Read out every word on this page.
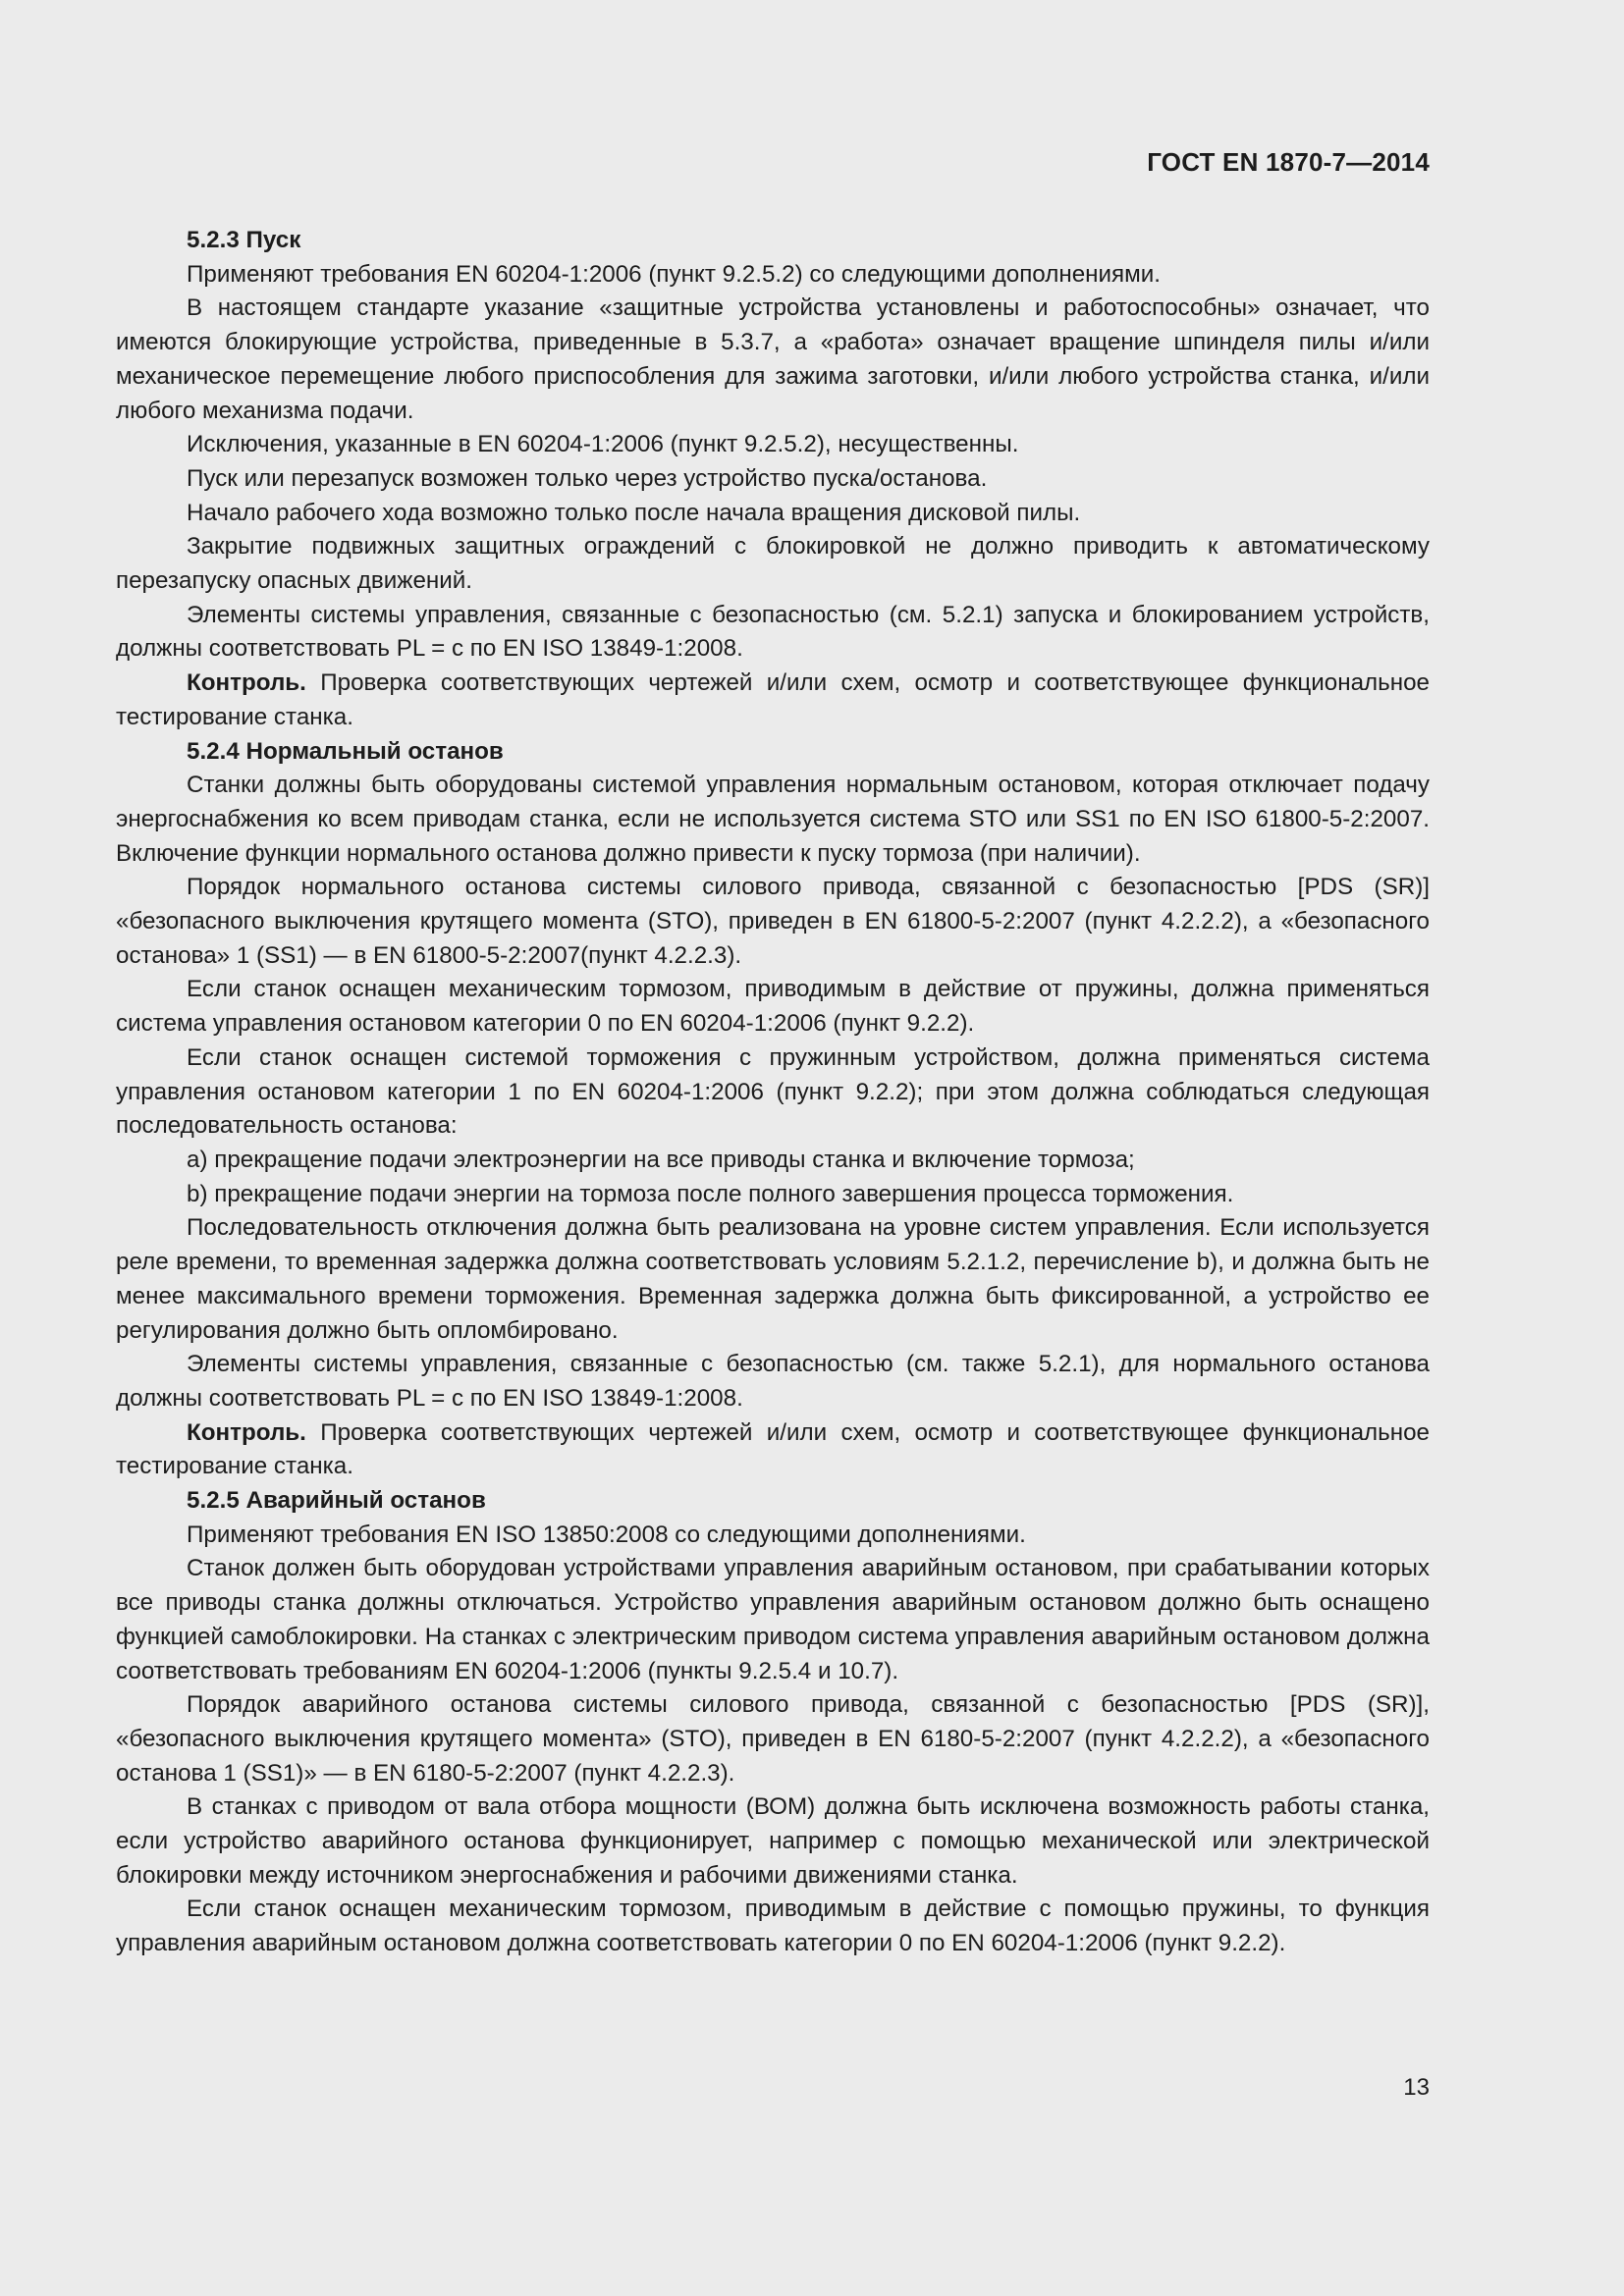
ГОСТ EN 1870-7—2014

5.2.3 Пуск

Применяют требования EN 60204-1:2006 (пункт 9.2.5.2) со следующими дополнениями.

В настоящем стандарте указание «защитные устройства установлены и работоспособны» означает, что имеются блокирующие устройства, приведенные в 5.3.7, а «работа» означает вращение шпинделя пилы и/или механическое перемещение любого приспособления для зажима заготовки, и/или любого устройства станка, и/или любого механизма подачи.

Исключения, указанные в EN 60204-1:2006 (пункт 9.2.5.2), несущественны.

Пуск или перезапуск возможен только через устройство пуска/останова.

Начало рабочего хода возможно только после начала вращения дисковой пилы.

Закрытие подвижных защитных ограждений с блокировкой не должно приводить к автоматическому перезапуску опасных движений.

Элементы системы управления, связанные с безопасностью (см. 5.2.1) запуска и блокированием устройств, должны соответствовать PL = c по EN ISO 13849-1:2008.

Контроль. Проверка соответствующих чертежей и/или схем, осмотр и соответствующее функциональное тестирование станка.

5.2.4 Нормальный останов

Станки должны быть оборудованы системой управления нормальным остановом, которая отключает подачу энергоснабжения ко всем приводам станка, если не используется система STO или SS1 по EN ISO 61800-5-2:2007. Включение функции нормального останова должно привести к пуску тормоза (при наличии).

Порядок нормального останова системы силового привода, связанной с безопасностью [PDS (SR)] «безопасного выключения крутящего момента (STO), приведен в EN 61800-5-2:2007 (пункт 4.2.2.2), а «безопасного останова» 1 (SS1) — в EN 61800-5-2:2007(пункт 4.2.2.3).

Если станок оснащен механическим тормозом, приводимым в действие от пружины, должна применяться система управления остановом категории 0 по EN 60204-1:2006 (пункт 9.2.2).

Если станок оснащен системой торможения с пружинным устройством, должна применяться система управления остановом категории 1 по EN 60204-1:2006 (пункт 9.2.2); при этом должна соблюдаться следующая последовательность останова:

a) прекращение подачи электроэнергии на все приводы станка и включение тормоза;

b) прекращение подачи энергии на тормоза после полного завершения процесса торможения.

Последовательность отключения должна быть реализована на уровне систем управления. Если используется реле времени, то временная задержка должна соответствовать условиям 5.2.1.2, перечисление b), и должна быть не менее максимального времени торможения. Временная задержка должна быть фиксированной, а устройство ее регулирования должно быть опломбировано.

Элементы системы управления, связанные с безопасностью (см. также 5.2.1), для нормального останова должны соответствовать PL = c по EN ISO 13849-1:2008.

Контроль. Проверка соответствующих чертежей и/или схем, осмотр и соответствующее функциональное тестирование станка.

5.2.5 Аварийный останов

Применяют требования EN ISO 13850:2008 со следующими дополнениями.

Станок должен быть оборудован устройствами управления аварийным остановом, при срабатывании которых все приводы станка должны отключаться. Устройство управления аварийным остановом должно быть оснащено функцией самоблокировки. На станках с электрическим приводом система управления аварийным остановом должна соответствовать требованиям EN 60204-1:2006 (пункты 9.2.5.4 и 10.7).

Порядок аварийного останова системы силового привода, связанной с безопасностью [PDS (SR)], «безопасного выключения крутящего момента» (STO), приведен в EN 6180-5-2:2007 (пункт 4.2.2.2), а «безопасного останова 1 (SS1)» — в EN 6180-5-2:2007 (пункт 4.2.2.3).

В станках с приводом от вала отбора мощности (ВОМ) должна быть исключена возможность работы станка, если устройство аварийного останова функционирует, например с помощью механической или электрической блокировки между источником энергоснабжения и рабочими движениями станка.

Если станок оснащен механическим тормозом, приводимым в действие с помощью пружины, то функция управления аварийным остановом должна соответствовать категории 0 по EN 60204-1:2006 (пункт 9.2.2).

13
